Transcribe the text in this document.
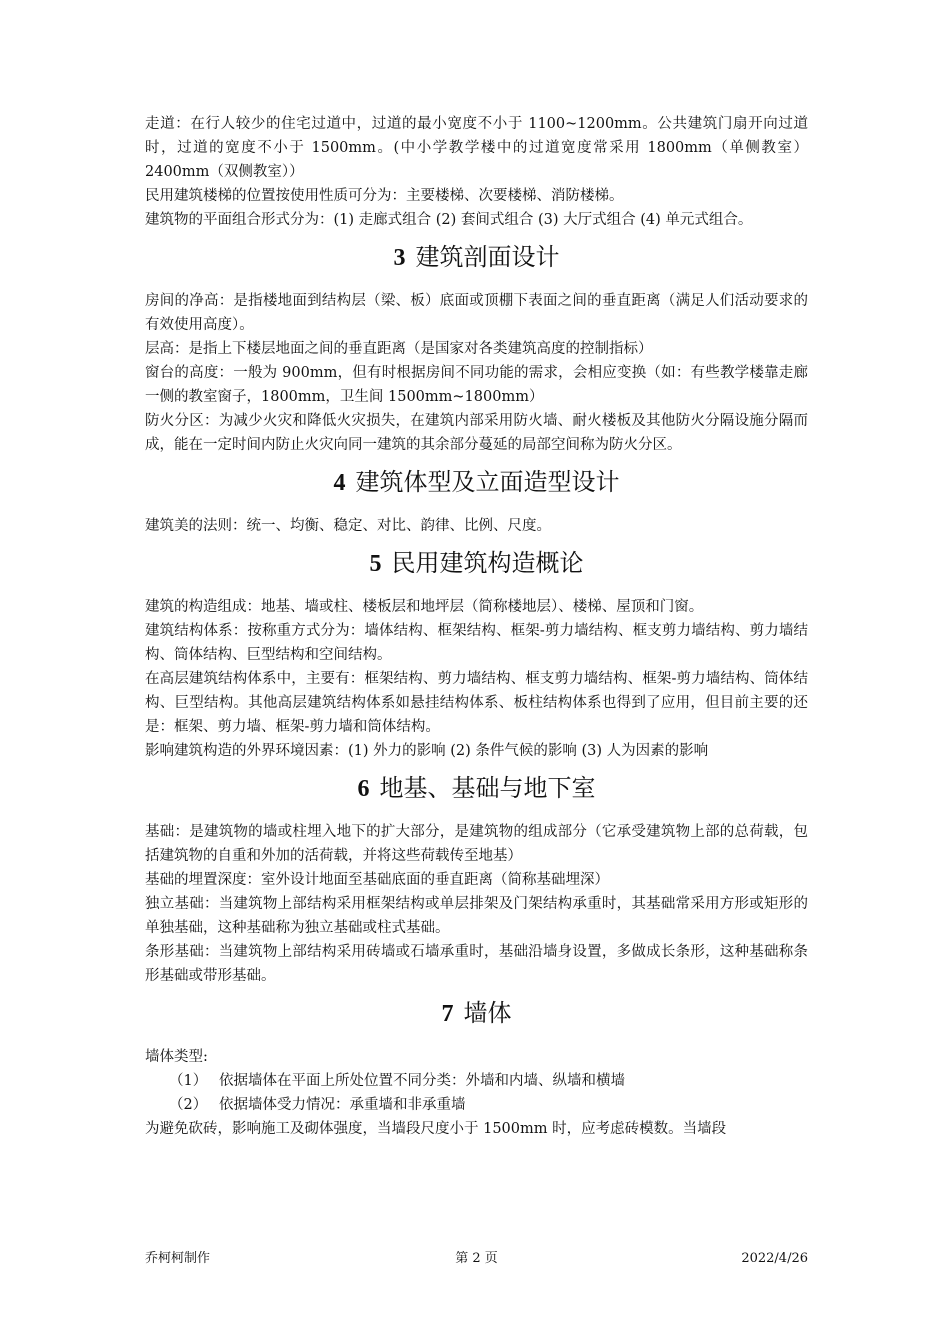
走道：在行人较少的住宅过道中，过道的最小宽度不小于 1100~1200mm。公共建筑门扇开向过道时，过道的宽度不小于 1500mm。(中小学教学楼中的过道宽度常采用 1800mm（单侧教室）2400mm（双侧教室））

民用建筑楼梯的位置按使用性质可分为：主要楼梯、次要楼梯、消防楼梯。

建筑物的平面组合形式分为：(1) 走廊式组合 (2) 套间式组合 (3) 大厅式组合 (4) 单元式组合。

3 建筑剖面设计

房间的净高：是指楼地面到结构层（梁、板）底面或顶棚下表面之间的垂直距离（满足人们活动要求的有效使用高度）。

层高：是指上下楼层地面之间的垂直距离（是国家对各类建筑高度的控制指标）

窗台的高度：一般为 900mm，但有时根据房间不同功能的需求，会相应变换（如：有些教学楼靠走廊一侧的教室窗子，1800mm，卫生间 1500mm~1800mm）

防火分区：为减少火灾和降低火灾损失，在建筑内部采用防火墙、耐火楼板及其他防火分隔设施分隔而成，能在一定时间内防止火灾向同一建筑的其余部分蔓延的局部空间称为防火分区。

4 建筑体型及立面造型设计

建筑美的法则：统一、均衡、稳定、对比、韵律、比例、尺度。

5 民用建筑构造概论

建筑的构造组成：地基、墙或柱、楼板层和地坪层（简称楼地层）、楼梯、屋顶和门窗。

建筑结构体系：按称重方式分为：墙体结构、框架结构、框架-剪力墙结构、框支剪力墙结构、剪力墙结构、筒体结构、巨型结构和空间结构。

在高层建筑结构体系中，主要有：框架结构、剪力墙结构、框支剪力墙结构、框架-剪力墙结构、筒体结构、巨型结构。其他高层建筑结构体系如悬挂结构体系、板柱结构体系也得到了应用，但目前主要的还是：框架、剪力墙、框架-剪力墙和筒体结构。

影响建筑构造的外界环境因素：(1) 外力的影响 (2) 条件气候的影响 (3) 人为因素的影响

6 地基、基础与地下室

基础：是建筑物的墙或柱埋入地下的扩大部分，是建筑物的组成部分（它承受建筑物上部的总荷载，包括建筑物的自重和外加的活荷载，并将这些荷载传至地基）

基础的埋置深度：室外设计地面至基础底面的垂直距离（简称基础埋深）

独立基础：当建筑物上部结构采用框架结构或单层排架及门架结构承重时，其基础常采用方形或矩形的单独基础，这种基础称为独立基础或柱式基础。

条形基础：当建筑物上部结构采用砖墙或石墙承重时，基础沿墙身设置，多做成长条形，这种基础称条形基础或带形基础。

7 墙体

墙体类型:

（1） 依据墙体在平面上所处位置不同分类：外墙和内墙、纵墙和横墙

（2） 依据墙体受力情况：承重墙和非承重墙

为避免砍砖，影响施工及砌体强度，当墙段尺度小于 1500mm 时，应考虑砖模数。当墙段

乔柯柯制作	第 2 页	2022/4/26
